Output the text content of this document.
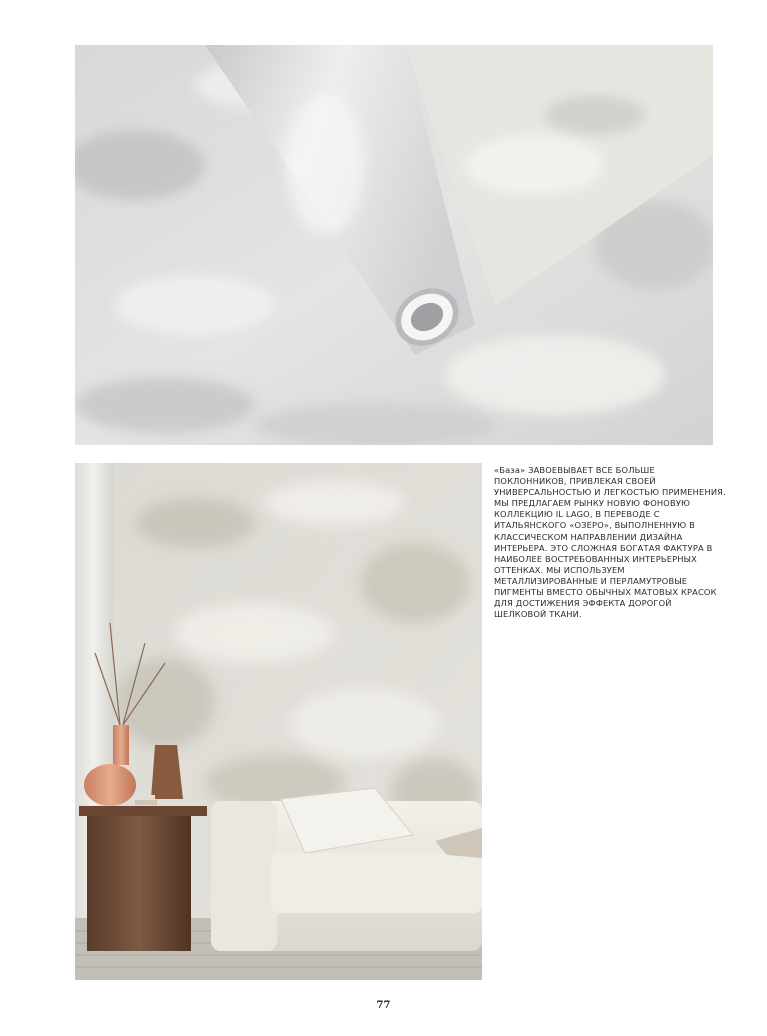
«База» ЗАВОЕВЫВАЕТ ВСЕ БОЛЬШЕ ПОКЛОННИКОВ, ПРИВЛЕКАЯ СВОЕЙ УНИВЕРСАЛЬНОСТЬЮ И ЛЕГКОСТЬЮ ПРИМЕНЕНИЯ. МЫ ПРЕДЛАГАЕМ РЫНКУ НОВУЮ ФОНОВУЮ КОЛЛЕКЦИЮ IL LAGO, В ПЕРЕВОДЕ С ИТАЛЬЯНСКОГО «ОЗЕРО», ВЫПОЛНЕННУЮ В КЛАССИЧЕСКОМ НАПРАВЛЕНИИ ДИЗАЙНА ИНТЕРЬЕРА. ЭТО СЛОЖНАЯ БОГАТАЯ ФАКТУРА В НАИБОЛЕЕ ВОСТРЕБОВАННЫХ ИНТЕРЬЕРНЫХ ОТТЕНКАХ. МЫ ИСПОЛЬЗУЕМ МЕТАЛЛИЗИРОВАННЫЕ И ПЕРЛАМУТРОВЫЕ ПИГМЕНТЫ ВМЕСТО ОБЫЧНЫХ МАТОВЫХ КРАСОК ДЛЯ ДОСТИЖЕНИЯ ЭФФЕКТА ДОРОГОЙ ШЕЛКОВОЙ ТКАНИ.

77
